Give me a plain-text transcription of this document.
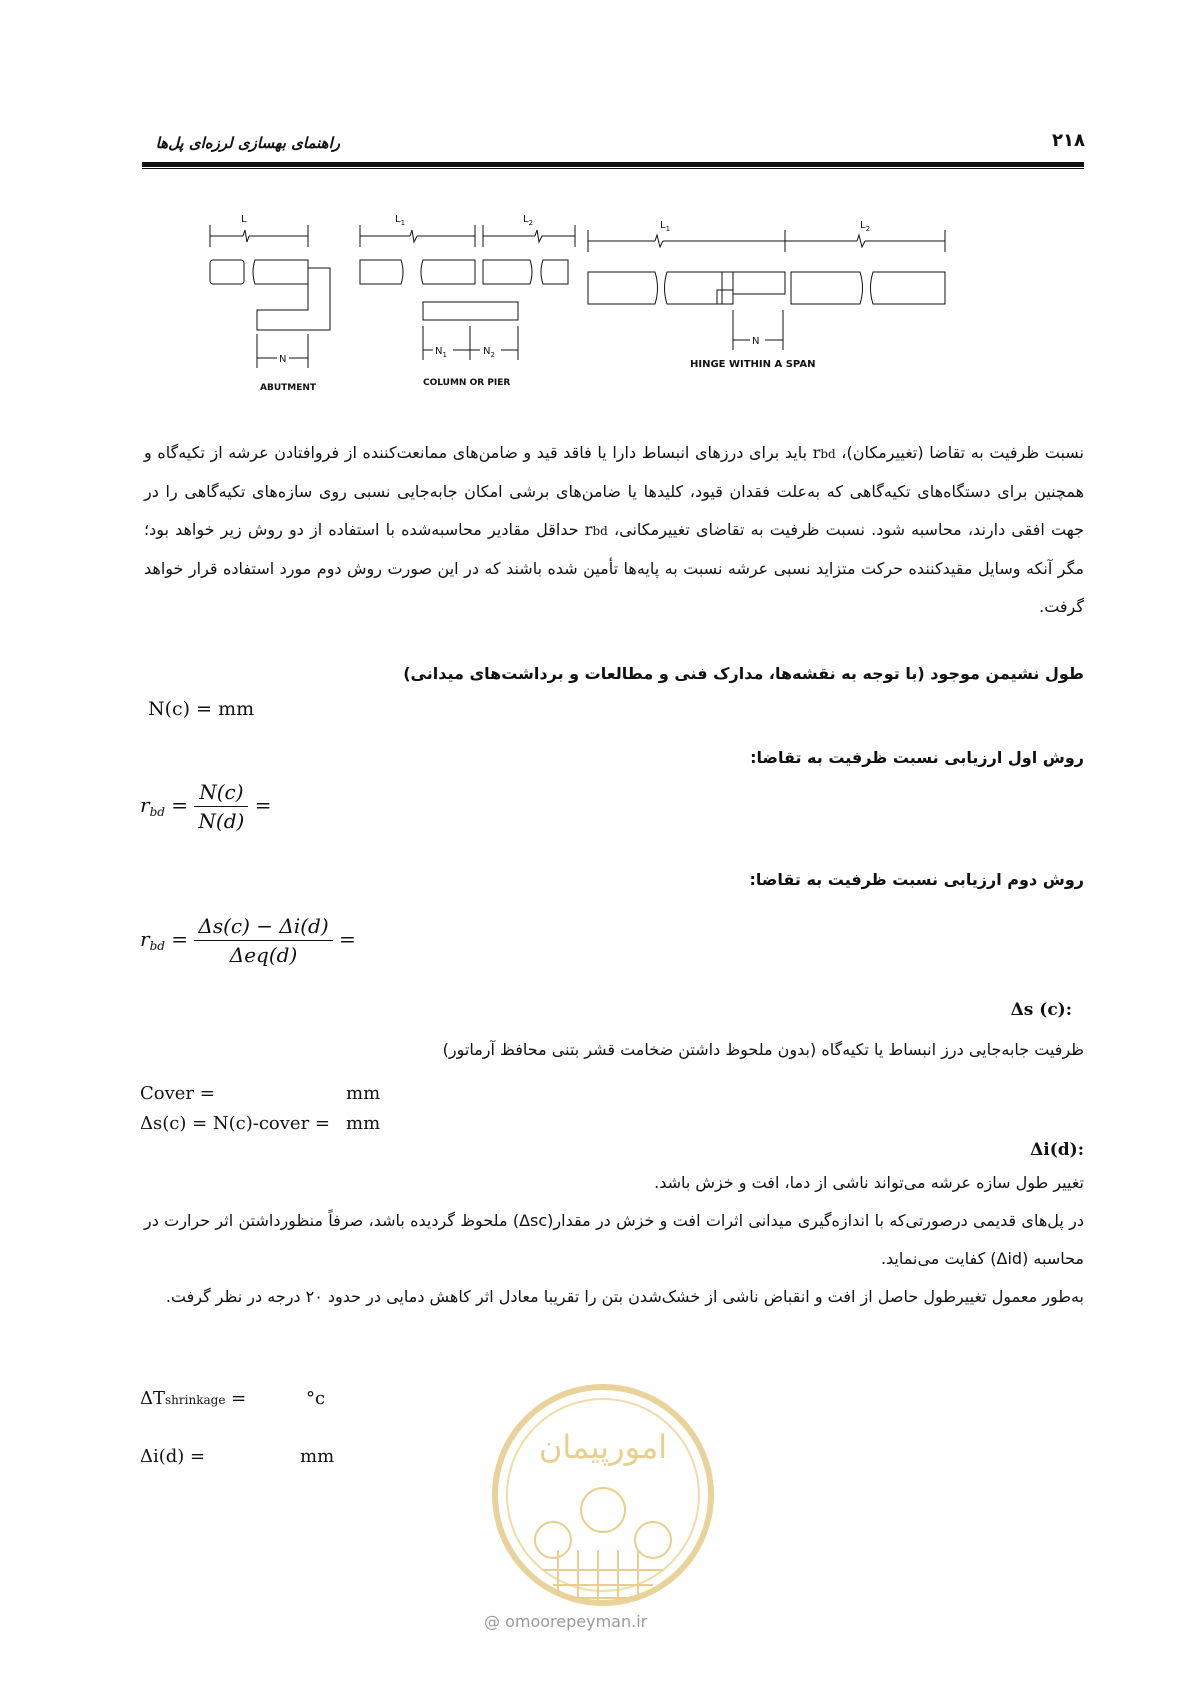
راهنمای بهسازی لرزه‌ای پل‌ها	۲۱۸
L
N
ABUTMENT
$L_1$	$L_2$
$N_1$	$N_2$
COLUMN OR PIER
$L_1$	$L_2$
N
HINGE WITHIN A SPAN

نسبت ظرفیت به تقاضا (تغییرمکان)، rbd باید برای درزهای انبساط دارا یا فاقد قید و ضامن‌های ممانعت‌کننده از فروافتادن عرشه از تکیه‌گاه و همچنین برای دستگاه‌های تکیه‌گاهی که به‌علت فقدان قیود، کلیدها یا ضامن‌های برشی امکان جابه‌جایی نسبی روی سازه‌های تکیه‌گاهی را در جهت افقی دارند، محاسبه شود. نسبت ظرفیت به تقاضای تغییرمکانی، rbd حداقل مقادیر محاسبه‌شده با استفاده از دو روش زیر خواهد بود؛ مگر آنکه وسایل مقیدکننده حرکت متزاید نسبی عرشه نسبت به پایه‌ها تأمین شده باشند که در این صورت روش دوم مورد استفاده قرار خواهد گرفت.

طول نشیمن موجود (با توجه به نقشه‌ها، مدارک فنی و مطالعات و برداشت‌های میدانی)
N(c) = mm
روش اول ارزیابی نسبت ظرفیت به تقاضا:
$r_{bd} = \frac{N(c)}{N(d)}$ =
روش دوم ارزیابی نسبت ظرفیت به تقاضا:
$r_{bd} = \frac{\Delta s(c) - \Delta i(d)}{\text{Δeq(d)}}$ =
:Δs (c)
ظرفیت جابه‌جایی درز انبساط یا تکیه‌گاه (بدون ملحوظ داشتن ضخامت قشر بتنی محافظ آرماتور)
Cover =	mm
Δs(c) = N(c)-cover = mm
:Δi(d)

تغییر طول سازه عرشه می‌تواند ناشی از دما، افت و خزش باشد.

در پل‌های قدیمی درصورتی‌که با اندازه‌گیری میدانی اثرات افت و خزش در مقدار(Δsc) ملحوظ گردیده باشد، صرفاً منظورداشتن اثر حرارت در محاسبه (Δid) کفایت می‌نماید.

به‌طور معمول تغییرطول حاصل از افت و انقباض ناشی از خشک‌شدن بتن را تقریبا معادل اثر کاهش دمایی در حدود ۲۰ درجه در نظر گرفت.

ΔTshrinkage =	°c
Δi(d) =	mm	امورپیمان
@ omoorepeyman.ir
